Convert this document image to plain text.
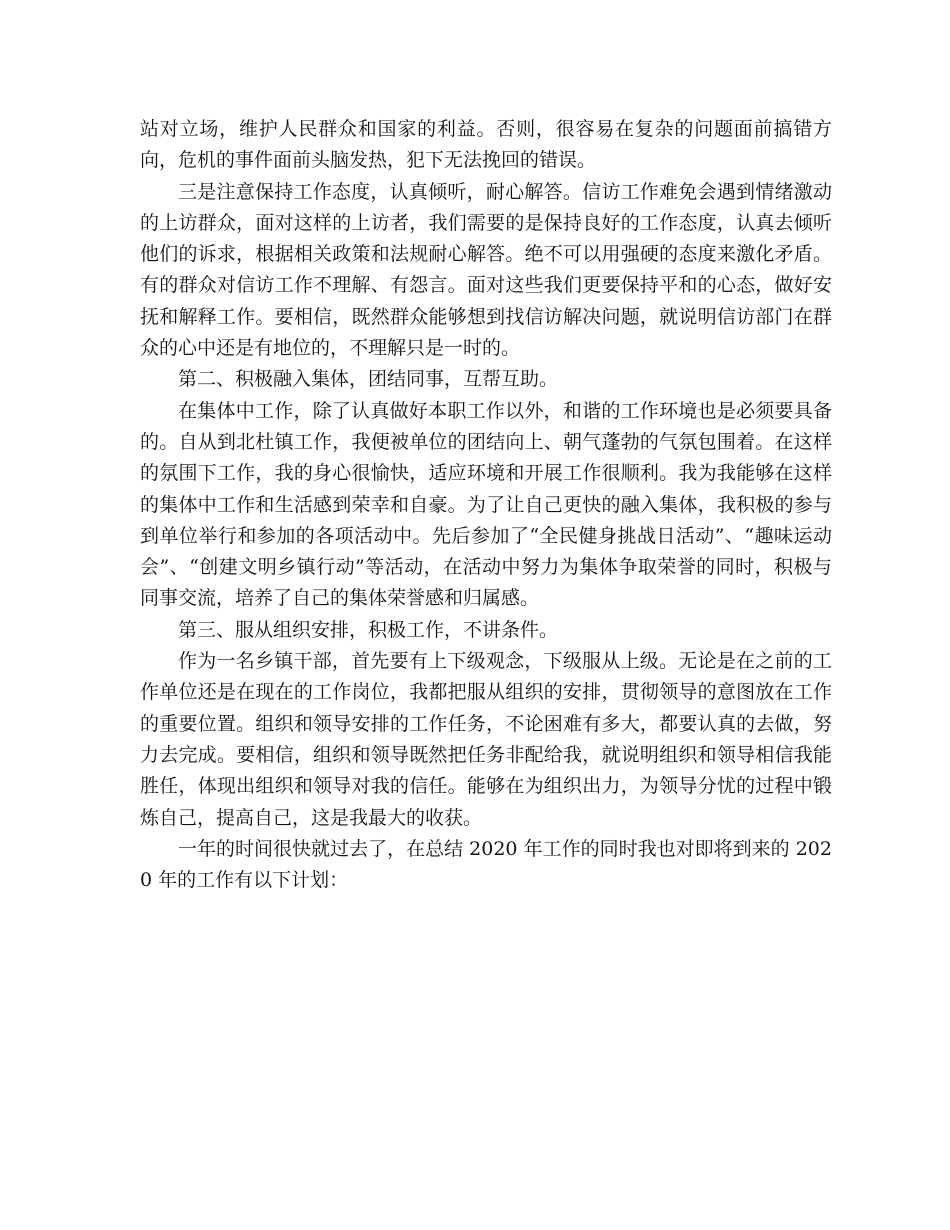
站对立场，维护人民群众和国家的利益。否则，很容易在复杂的问题面前搞错方向，危机的事件面前头脑发热，犯下无法挽回的错误。

三是注意保持工作态度，认真倾听，耐心解答。信访工作难免会遇到情绪激动的上访群众，面对这样的上访者，我们需要的是保持良好的工作态度，认真去倾听他们的诉求，根据相关政策和法规耐心解答。绝不可以用强硬的态度来激化矛盾。有的群众对信访工作不理解、有怨言。面对这些我们更要保持平和的心态，做好安抚和解释工作。要相信，既然群众能够想到找信访解决问题，就说明信访部门在群众的心中还是有地位的，不理解只是一时的。

第二、积极融入集体，团结同事，互帮互助。

在集体中工作，除了认真做好本职工作以外，和谐的工作环境也是必须要具备的。自从到北杜镇工作，我便被单位的团结向上、朝气蓬勃的气氛包围着。在这样的氛围下工作，我的身心很愉快，适应环境和开展工作很顺利。我为我能够在这样的集体中工作和生活感到荣幸和自豪。为了让自己更快的融入集体，我积极的参与到单位举行和参加的各项活动中。先后参加了“全民健身挑战日活动”、“趣味运动会”、“创建文明乡镇行动”等活动，在活动中努力为集体争取荣誉的同时，积极与同事交流，培养了自己的集体荣誉感和归属感。

第三、服从组织安排，积极工作，不讲条件。

作为一名乡镇干部，首先要有上下级观念，下级服从上级。无论是在之前的工作单位还是在现在的工作岗位，我都把服从组织的安排，贯彻领导的意图放在工作的重要位置。组织和领导安排的工作任务，不论困难有多大，都要认真的去做，努力去完成。要相信，组织和领导既然把任务非配给我，就说明组织和领导相信我能胜任，体现出组织和领导对我的信任。能够在为组织出力，为领导分忧的过程中锻炼自己，提高自己，这是我最大的收获。

一年的时间很快就过去了，在总结 2020 年工作的同时我也对即将到来的 2020 年的工作有以下计划：
